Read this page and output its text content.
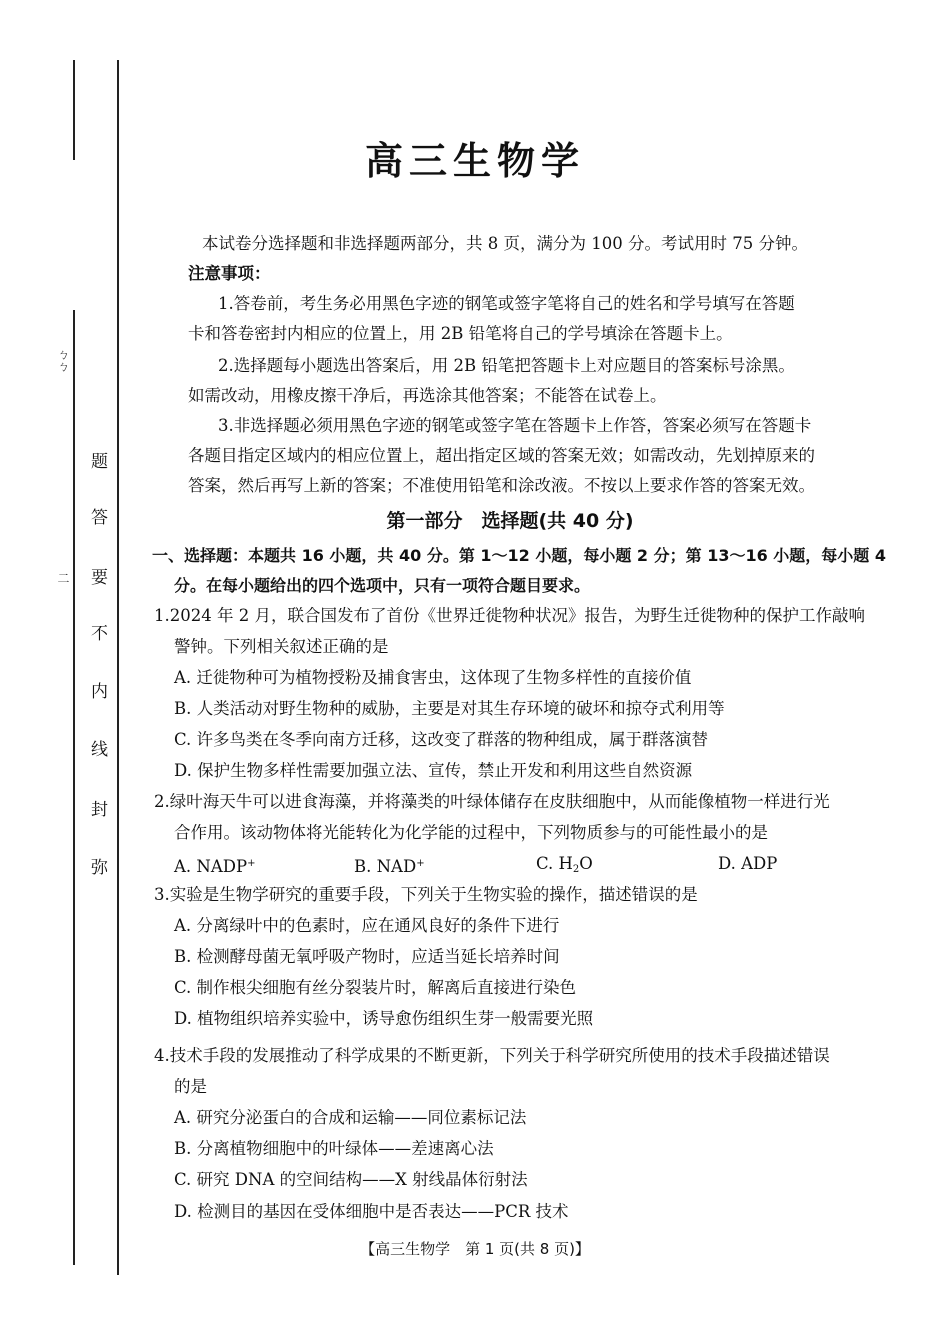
ㄅㄅ
二
题
答
要
不
内
线
封
弥
高三生物学
本试卷分选择题和非选择题两部分，共 8 页，满分为 100 分。考试用时 75 分钟。
注意事项：
1.答卷前，考生务必用黑色字迹的钢笔或签字笔将自己的姓名和学号填写在答题
卡和答卷密封内相应的位置上，用 2B 铅笔将自己的学号填涂在答题卡上。
2.选择题每小题选出答案后，用 2B 铅笔把答题卡上对应题目的答案标号涂黑。
如需改动，用橡皮擦干净后，再选涂其他答案；不能答在试卷上。
3.非选择题必须用黑色字迹的钢笔或签字笔在答题卡上作答，答案必须写在答题卡
各题目指定区域内的相应位置上，超出指定区域的答案无效；如需改动，先划掉原来的
答案，然后再写上新的答案；不准使用铅笔和涂改液。不按以上要求作答的答案无效。
第一部分　选择题(共 40 分)
一、选择题：本题共 16 小题，共 40 分。第 1～12 小题，每小题 2 分；第 13～16 小题，每小题 4
分。在每小题给出的四个选项中，只有一项符合题目要求。
1.2024 年 2 月，联合国发布了首份《世界迁徙物种状况》报告，为野生迁徙物种的保护工作敲响
警钟。下列相关叙述正确的是
A. 迁徙物种可为植物授粉及捕食害虫，这体现了生物多样性的直接价值
B. 人类活动对野生物种的威胁，主要是对其生存环境的破坏和掠夺式利用等
C. 许多鸟类在冬季向南方迁移，这改变了群落的物种组成，属于群落演替
D. 保护生物多样性需要加强立法、宣传，禁止开发和利用这些自然资源
2.绿叶海天牛可以进食海藻，并将藻类的叶绿体储存在皮肤细胞中，从而能像植物一样进行光
合作用。该动物体将光能转化为化学能的过程中，下列物质参与的可能性最小的是
A. NADP+	B. NAD+	C. $H_2O$	D. ADP
3.实验是生物学研究的重要手段，下列关于生物实验的操作，描述错误的是
A. 分离绿叶中的色素时，应在通风良好的条件下进行
B. 检测酵母菌无氧呼吸产物时，应适当延长培养时间
C. 制作根尖细胞有丝分裂装片时，解离后直接进行染色
D. 植物组织培养实验中，诱导愈伤组织生芽一般需要光照
4.技术手段的发展推动了科学成果的不断更新，下列关于科学研究所使用的技术手段描述错误
的是
A. 研究分泌蛋白的合成和运输——同位素标记法
B. 分离植物细胞中的叶绿体——差速离心法
C. 研究 DNA 的空间结构——X 射线晶体衍射法
D. 检测目的基因在受体细胞中是否表达——PCR 技术
【高三生物学　第 1 页(共 8 页)】
